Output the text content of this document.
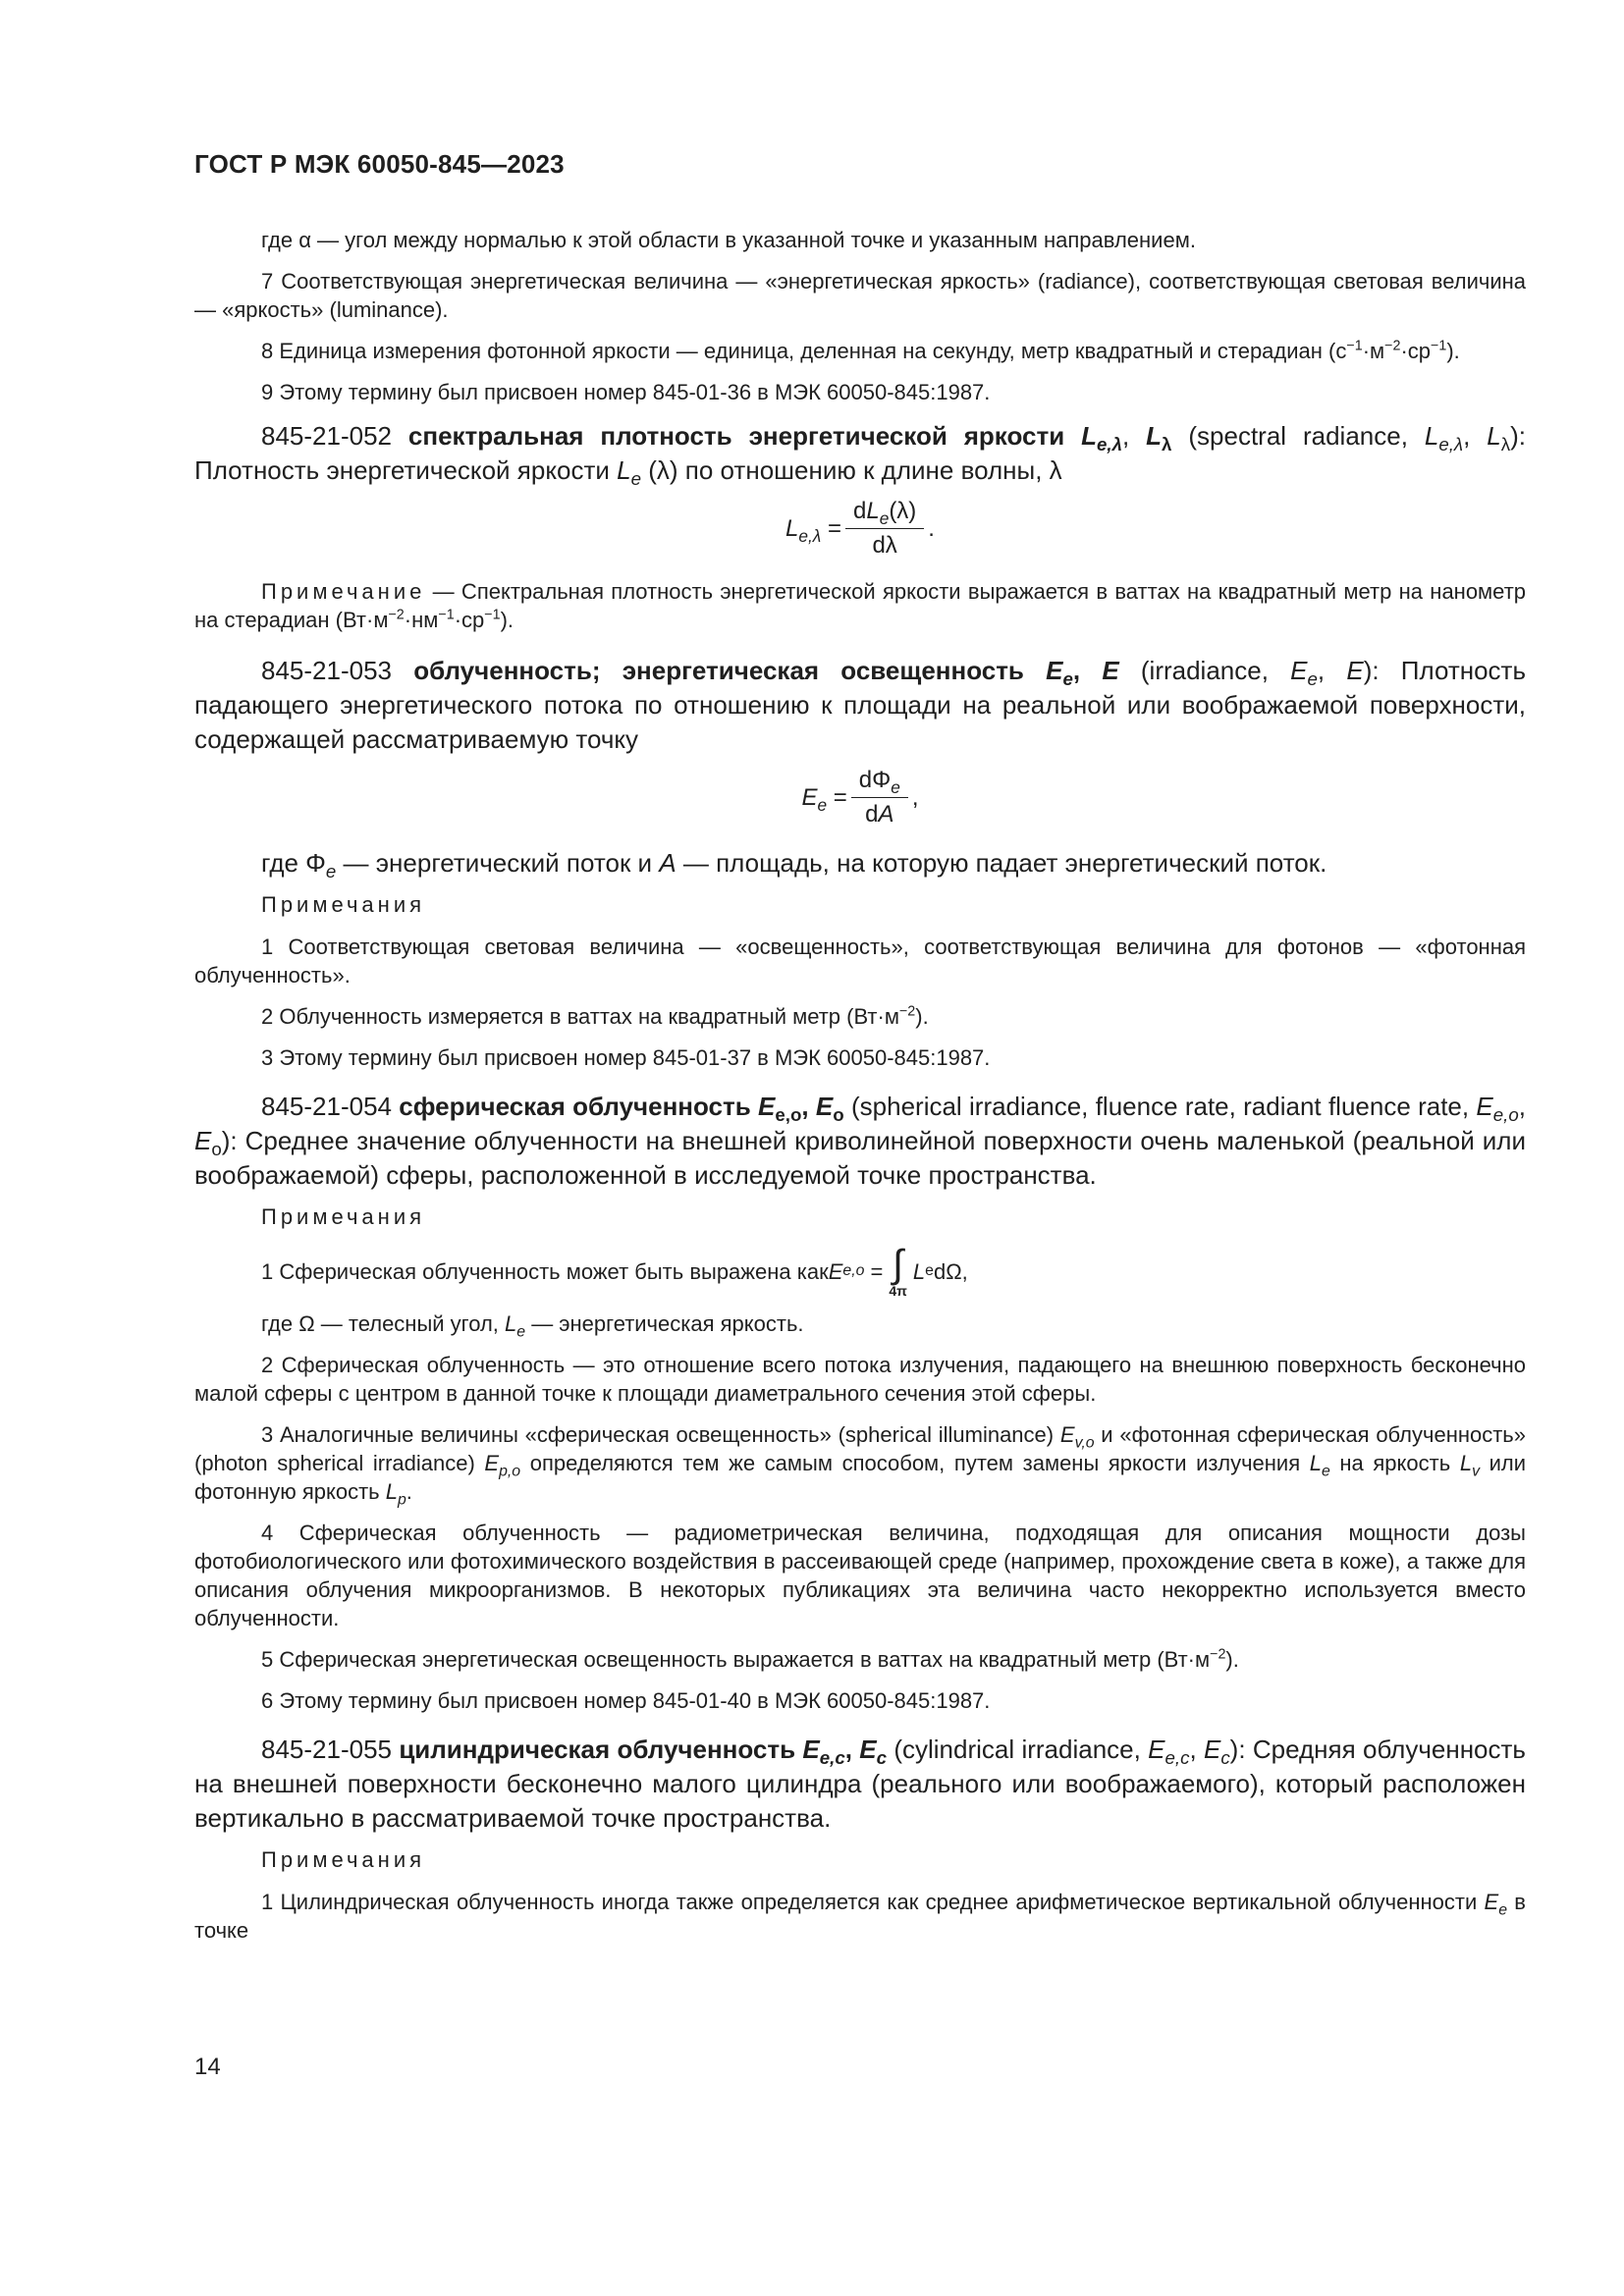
ГОСТ Р МЭК 60050-845—2023

где α — угол между нормалью к этой области в указанной точке и указанным направлением.

7 Соответствующая энергетическая величина — «энергетическая яркость» (radiance), соответствующая световая величина — «яркость» (luminance).

8 Единица измерения фотонной яркости — единица, деленная на секунду, метр квадратный и стерадиан $(с^{-1}\cdot м^{-2}\cdot ср^{-1})$.

9 Этому термину был присвоен номер 845-01-36 в МЭК 60050-845:1987.

845-21-052 спектральная плотность энергетической яркости $L_{e,\lambda}$, $L_\lambda$ (spectral radiance, $L_{e,\lambda}$, $L_\lambda$): Плотность энергетической яркости $L_e$ (λ) по отношению к длине волны, λ

$L_{e,\lambda} = \frac{dL_e(\lambda)}{d\lambda}$ .

Примечание — Спектральная плотность энергетической яркости выражается в ваттах на квадратный метр на нанометр на стерадиан $(Вт\cdot м^{-2}\cdot нм^{-1}\cdot ср^{-1})$.

845-21-053 облученность; энергетическая освещенность $E_e$, E (irradiance, $E_e$, E): Плотность падающего энергетического потока по отношению к площади на реальной или воображаемой поверхности, содержащей рассматриваемую точку

$E_e = \frac{d\Phi_e}{dA}$ ,

где $\Phi_e$ — энергетический поток и A — площадь, на которую падает энергетический поток.

Примечания

1 Соответствующая световая величина — «освещенность», соответствующая величина для фотонов — «фотонная облученность».

2 Облученность измеряется в ваттах на квадратный метр $(Вт\cdot м^{-2})$.

3 Этому термину был присвоен номер 845-01-37 в МЭК 60050-845:1987.

845-21-054 сферическая облученность $E_{e,o}$, $E_o$ (spherical irradiance, fluence rate, radiant fluence rate, $E_{e,o}$, $E_o$): Среднее значение облученности на внешней криволинейной поверхности очень маленькой (реальной или воображаемой) сферы, расположенной в исследуемой точке пространства.

Примечания

1 Сферическая облученность может быть выражена как E e,o = ∫
4π
L e dΩ,

где Ω — телесный угол, $L_e$ — энергетическая яркость.

2 Сферическая облученность — это отношение всего потока излучения, падающего на внешнюю поверхность бесконечно малой сферы с центром в данной точке к площади диаметрального сечения этой сферы.

3 Аналогичные величины «сферическая освещенность» (spherical illuminance) $E_{v,o}$ и «фотонная сферическая облученность» (photon spherical irradiance) $E_{p,o}$ определяются тем же самым способом, путем замены яркости излучения $L_e$ на яркость $L_v$ или фотонную яркость $L_p$.

4 Сферическая облученность — радиометрическая величина, подходящая для описания мощности дозы фотобиологического или фотохимического воздействия в рассеивающей среде (например, прохождение света в коже), а также для описания облучения микроорганизмов. В некоторых публикациях эта величина часто некорректно используется вместо облученности.

5 Сферическая энергетическая освещенность выражается в ваттах на квадратный метр $(Вт\cdot м^{-2})$.

6 Этому термину был присвоен номер 845-01-40 в МЭК 60050-845:1987.

845-21-055 цилиндрическая облученность $E_{e,c}$, $E_c$ (cylindrical irradiance, $E_{e,c}$, $E_c$): Средняя облученность на внешней поверхности бесконечно малого цилиндра (реального или воображаемого), который расположен вертикально в рассматриваемой точке пространства.

Примечания

1 Цилиндрическая облученность иногда также определяется как среднее арифметическое вертикальной облученности $E_e$ в точке

14
